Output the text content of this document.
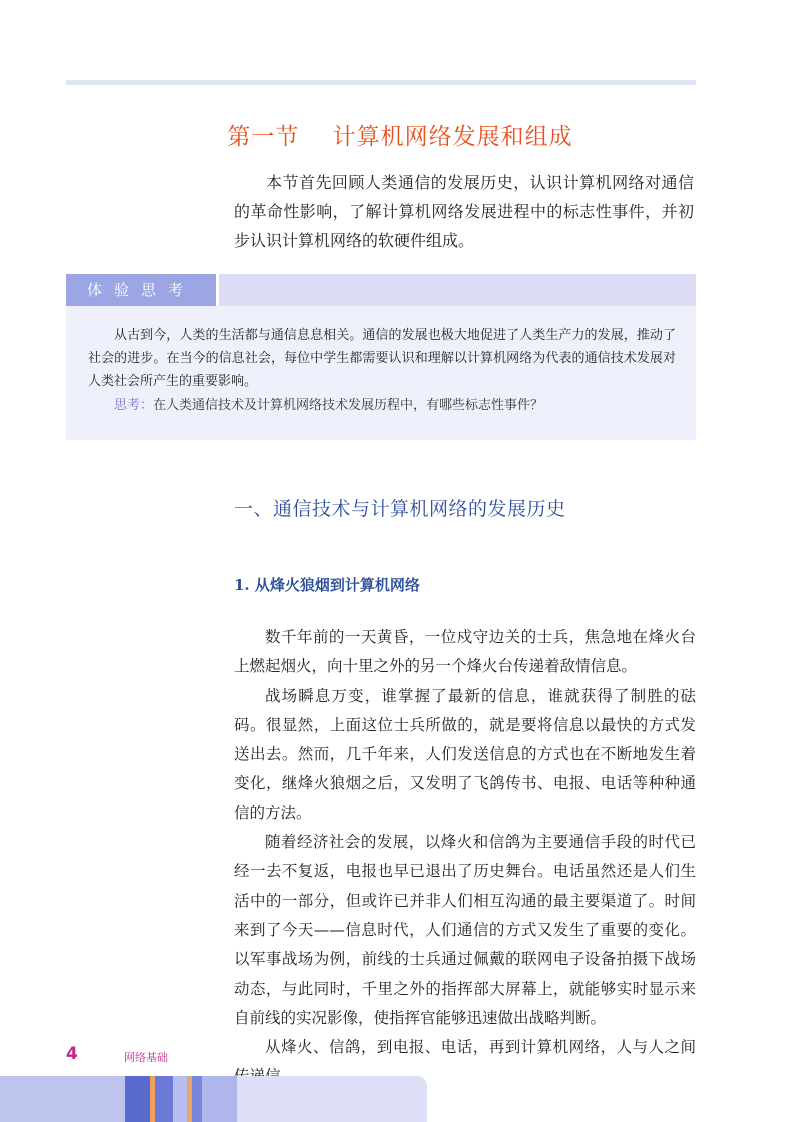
第一节    计算机网络发展和组成

本节首先回顾人类通信的发展历史，认识计算机网络对通信的革命性影响，了解计算机网络发展进程中的标志性事件，并初步认识计算机网络的软硬件组成。

体验思考

从古到今，人类的生活都与通信息息相关。通信的发展也极大地促进了人类生产力的发展，推动了社会的进步。在当今的信息社会，每位中学生都需要认识和理解以计算机网络为代表的通信技术发展对人类社会所产生的重要影响。

思考：在人类通信技术及计算机网络技术发展历程中，有哪些标志性事件？
一、通信技术与计算机网络的发展历史
1. 从烽火狼烟到计算机网络

数千年前的一天黄昏，一位戍守边关的士兵，焦急地在烽火台上燃起烟火，向十里之外的另一个烽火台传递着敌情信息。

战场瞬息万变，谁掌握了最新的信息，谁就获得了制胜的砝码。很显然，上面这位士兵所做的，就是要将信息以最快的方式发送出去。然而，几千年来，人们发送信息的方式也在不断地发生着变化，继烽火狼烟之后，又发明了飞鸽传书、电报、电话等种种通信的方法。

随着经济社会的发展，以烽火和信鸽为主要通信手段的时代已经一去不复返，电报也早已退出了历史舞台。电话虽然还是人们生活中的一部分，但或许已并非人们相互沟通的最主要渠道了。时间来到了今天——信息时代，人们通信的方式又发生了重要的变化。以军事战场为例，前线的士兵通过佩戴的联网电子设备拍摄下战场动态，与此同时，千里之外的指挥部大屏幕上，就能够实时显示来自前线的实况影像，使指挥官能够迅速做出战略判断。

从烽火、信鸽，到电报、电话，再到计算机网络，人与人之间

4	网络基础
